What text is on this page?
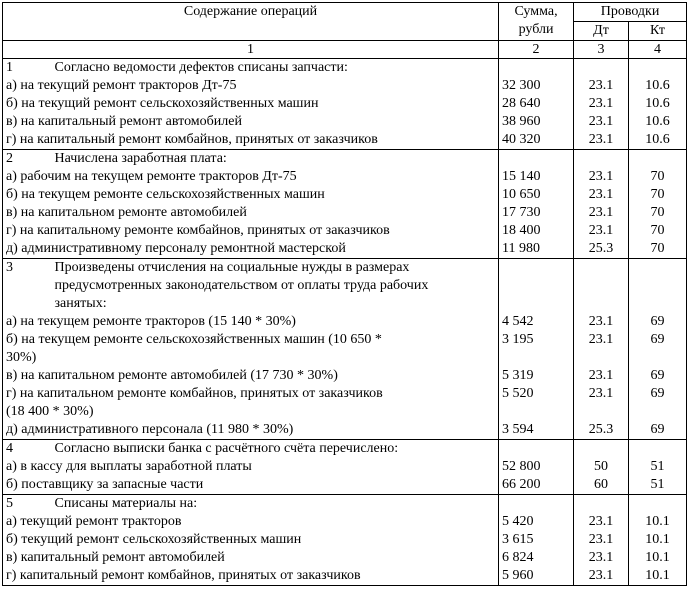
Содержание операций		Сумма,
рубли	Проводки	
			Дт	Кт
1		2	3	4
1	Согласно ведомости дефектов списаны запчасти:			

а) на текущий ремонт тракторов Дт-75		32 300	23.1	10.6
б) на текущий ремонт сельскохозяйственных машин		28 640	23.1	10.6
в) на капитальный ремонт автомобилей		38 960	23.1	10.6
г) на капитальный ремонт комбайнов, принятых от заказчиков		40 320	23.1	10.6
2	Начислена заработная плата:			

а) рабочим на текущем ремонте тракторов Дт-75		15 140	23.1	70
б) на текущем ремонте сельскохозяйственных машин		10 650	23.1	70
в) на капитальном ремонте автомобилей		17 730	23.1	70
г) на капитальному ремонте комбайнов, принятых от заказчиков		18 400	23.1	70
д) административному персоналу ремонтной мастерской		11 980	25.3	70
3	Произведены отчисления на социальные нужды в размерах
предусмотренных законодательством от оплаты труда рабочих
занятых:			

а) на текущем ремонте тракторов (15 140 * 30%)		4 542	23.1	69

б) на текущем ремонте сельскохозяйственных машин (10 650 *
30%)		3 195	23.1	69
в) на капитальном ремонте автомобилей (17 730 * 30%)		5 319	23.1	69

г) на капитальном ремонте комбайнов, принятых от заказчиков
(18 400 * 30%)		5 520	23.1	69
д) административного персонала (11 980 * 30%)		3 594	25.3	69
4	Согласно выписки банка с расчётного счёта перечислено:			

а) в кассу для выплаты заработной платы		52 800	50	51
б) поставщику за запасные части		66 200	60	51
5	Списаны материалы на:			

а) текущий ремонт тракторов		5 420	23.1	10.1
б) текущий ремонт сельскохозяйственных машин		3 615	23.1	10.1
в) капитальный ремонт автомобилей		6 824	23.1	10.1
г) капитальный ремонт комбайнов, принятых от заказчиков		5 960	23.1	10.1
